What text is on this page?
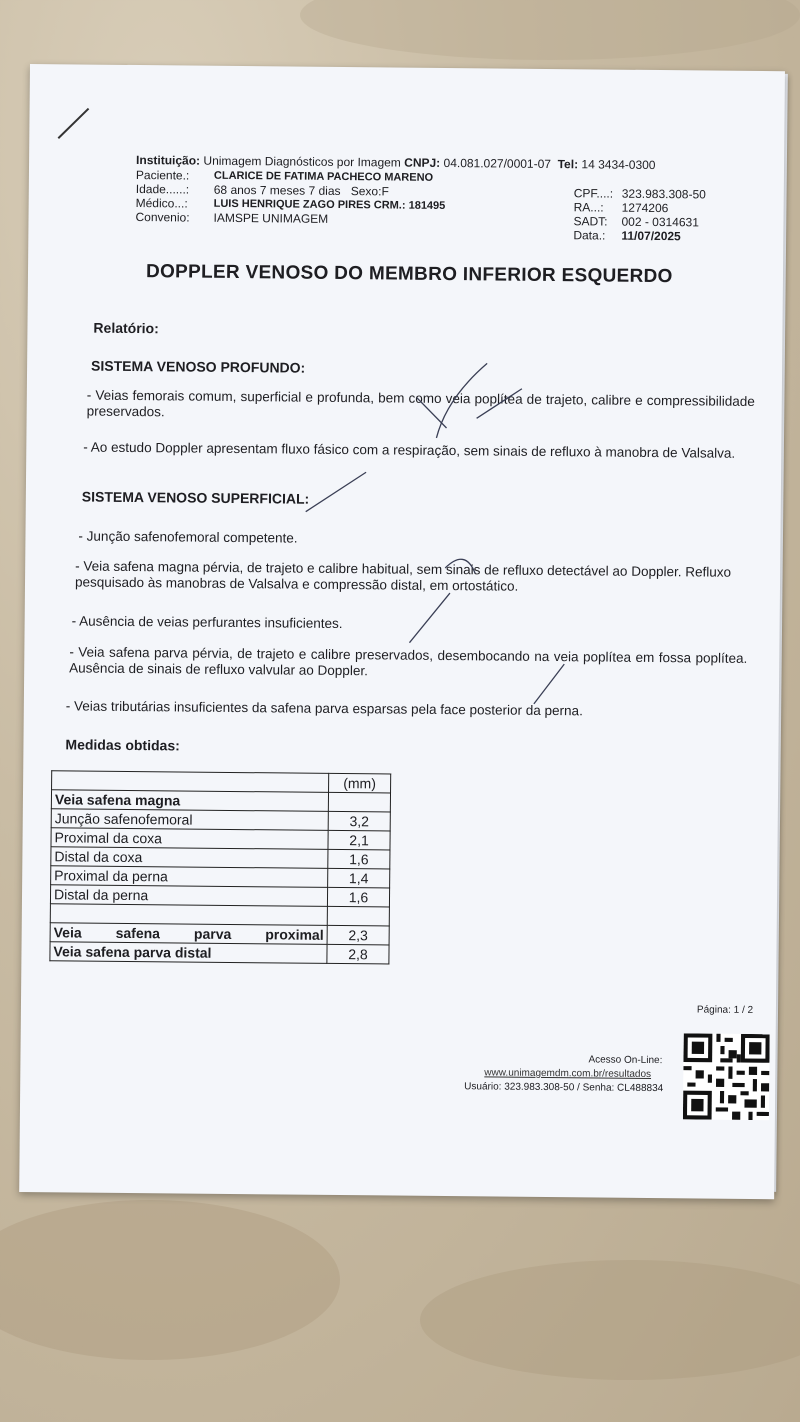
Instituição: Unimagem Diagnósticos por Imagem CNPJ: 04.081.027/0001-07 Tel: 14 3434-0300
Paciente.: CLARICE DE FATIMA PACHECO MARENO
Idade......: 68 anos 7 meses 7 dias Sexo:F
Médico...: LUIS HENRIQUE ZAGO PIRES CRM.: 181495
Convenio: IAMSPE UNIMAGEM
CPF....: 323.983.308-50
RA...: 1274206
SADT: 002 - 0314631
Data.: 11/07/2025
DOPPLER VENOSO DO MEMBRO INFERIOR ESQUERDO
Relatório:
SISTEMA VENOSO PROFUNDO:
- Veias femorais comum, superficial e profunda, bem como veia poplítea de trajeto, calibre e compressibilidade preservados.
- Ao estudo Doppler apresentam fluxo fásico com a respiração, sem sinais de refluxo à manobra de Valsalva.
SISTEMA VENOSO SUPERFICIAL:
- Junção safenofemoral competente.
- Veia safena magna pérvia, de trajeto e calibre habitual, sem sinais de refluxo detectável ao Doppler. Refluxo pesquisado às manobras de Valsalva e compressão distal, em ortostático.
- Ausência de veias perfurantes insuficientes.
- Veia safena parva pérvia, de trajeto e calibre preservados, desembocando na veia poplítea em fossa poplítea. Ausência de sinais de refluxo valvular ao Doppler.
- Veias tributárias insuficientes da safena parva esparsas pela face posterior da perna.
Medidas obtidas:
	(mm)
Veia safena magna	
Junção safenofemoral	3,2
Proximal da coxa	2,1
Distal da coxa	1,6
Proximal da perna	1,4
Distal da perna	1,6

Veia safena parva proximal	2,3
Veia safena parva distal	2,8
Página: 1 / 2
Acesso On-Line:
www.unimagemdm.com.br/resultados
Usuário: 323.983.308-50 / Senha: CL488834
